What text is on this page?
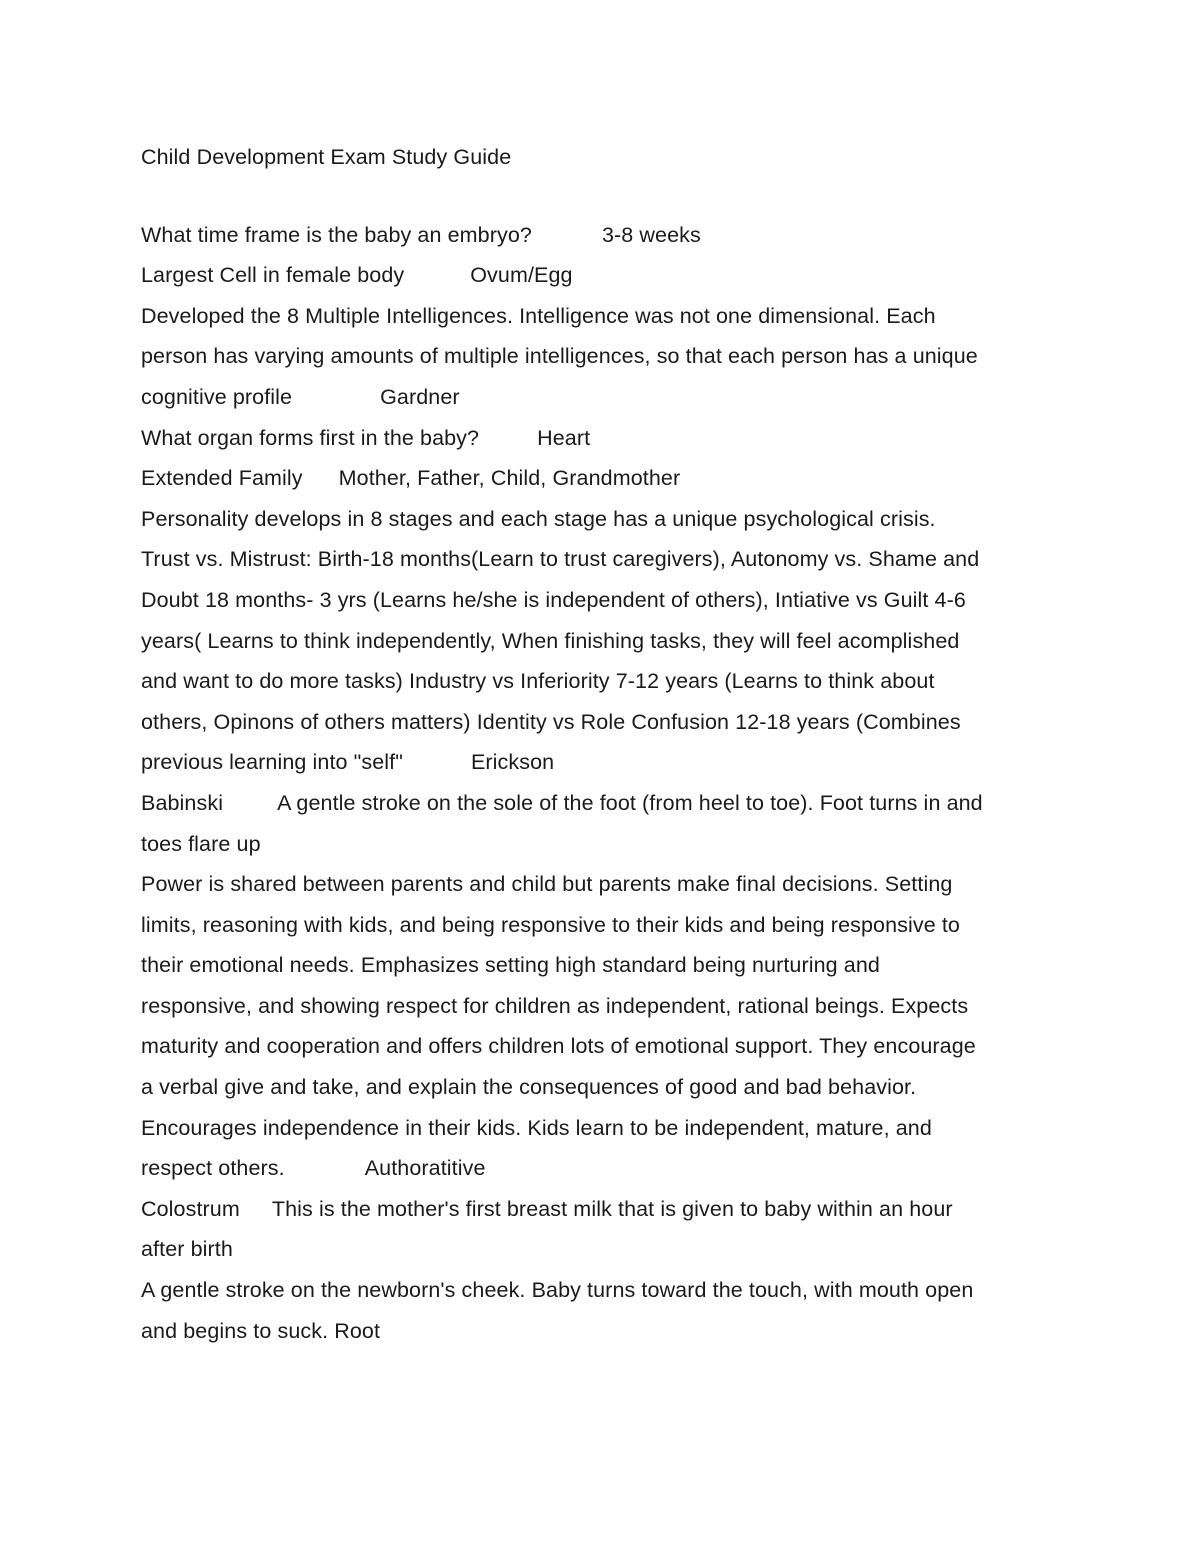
Child Development Exam Study Guide
What time frame is the baby an embryo?	3-8 weeks
Largest Cell in female body	Ovum/Egg
Developed the 8 Multiple Intelligences. Intelligence was not one dimensional. Each
person has varying amounts of multiple intelligences, so that each person has a unique
cognitive profile	Gardner
What organ forms first in the baby?	Heart
Extended Family Mother, Father, Child, Grandmother
Personality develops in 8 stages and each stage has a unique psychological crisis.
Trust vs. Mistrust: Birth-18 months(Learn to trust caregivers), Autonomy vs. Shame and
Doubt 18 months- 3 yrs (Learns he/she is independent of others), Intiative vs Guilt 4-6
years( Learns to think independently, When finishing tasks, they will feel acomplished
and want to do more tasks) Industry vs Inferiority 7-12 years (Learns to think about
others, Opinons of others matters) Identity vs Role Confusion 12-18 years (Combines
previous learning into "self"	Erickson
Babinski	A gentle stroke on the sole of the foot (from heel to toe). Foot turns in and
toes flare up
Power is shared between parents and child but parents make final decisions. Setting
limits, reasoning with kids, and being responsive to their kids and being responsive to
their emotional needs. Emphasizes setting high standard being nurturing and
responsive, and showing respect for children as independent, rational beings. Expects
maturity and cooperation and offers children lots of emotional support. They encourage
a verbal give and take, and explain the consequences of good and bad behavior.
Encourages independence in their kids. Kids learn to be independent, mature, and
respect others.	Authoratitive
Colostrum This is the mother's first breast milk that is given to baby within an hour
after birth
A gentle stroke on the newborn's cheek. Baby turns toward the touch, with mouth open
and begins to suck. Root
